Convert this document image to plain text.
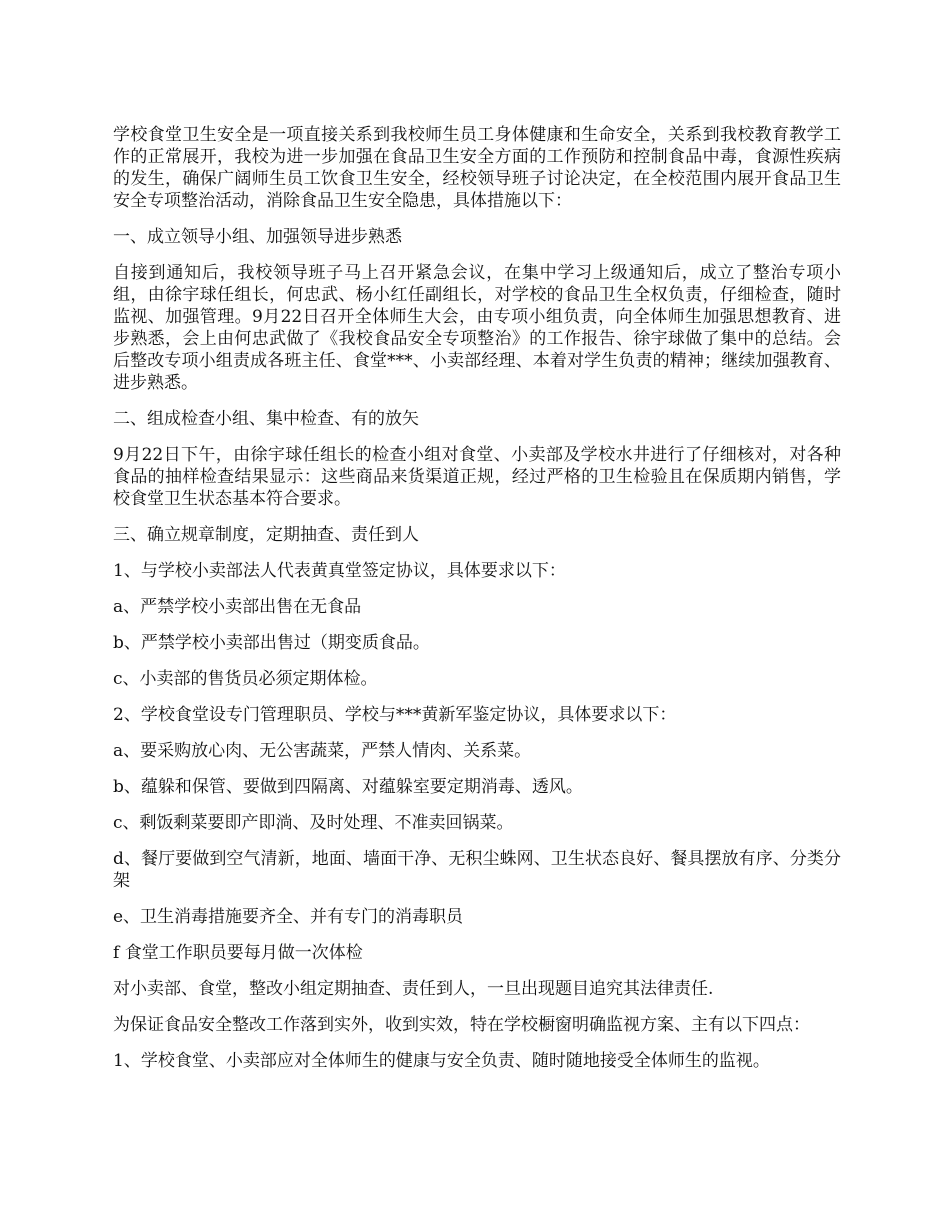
学校食堂卫生安全是一项直接关系到我校师生员工身体健康和生命安全，关系到我校教育教学工作的正常展开，我校为进一步加强在食品卫生安全方面的工作预防和控制食品中毒，食源性疾病的发生，确保广阔师生员工饮食卫生安全，经校领导班子讨论决定，在全校范围内展开食品卫生安全专项整治活动，消除食品卫生安全隐患，具体措施以下：

一、成立领导小组、加强领导进步熟悉

自接到通知后，我校领导班子马上召开紧急会议，在集中学习上级通知后，成立了整治专项小组，由徐宇球任组长，何忠武、杨小红任副组长，对学校的食品卫生全权负责，仔细检查，随时监视、加强管理。9月22日召开全体师生大会，由专项小组负责，向全体师生加强思想教育、进步熟悉，会上由何忠武做了《我校食品安全专项整治》的工作报告、徐宇球做了集中的总结。会后整改专项小组责成各班主任、食堂***、小卖部经理、本着对学生负责的精神；继续加强教育、进步熟悉。

二、组成检查小组、集中检查、有的放矢

9月22日下午，由徐宇球任组长的检查小组对食堂、小卖部及学校水井进行了仔细核对，对各种食品的抽样检查结果显示：这些商品来货渠道正规，经过严格的卫生检验且在保质期内销售，学校食堂卫生状态基本符合要求。

三、确立规章制度，定期抽查、责任到人

1、与学校小卖部法人代表黄真堂签定协议，具体要求以下：

a、严禁学校小卖部出售在无食品

b、严禁学校小卖部出售过（期变质食品。

c、小卖部的售货员必须定期体检。

2、学校食堂设专门管理职员、学校与***黄新军鉴定协议，具体要求以下：

a、要采购放心肉、无公害蔬菜，严禁人情肉、关系菜。

b、蕴躲和保管、要做到四隔离、对蕴躲室要定期消毒、透风。

c、剩饭剩菜要即产即淌、及时处理、不准卖回锅菜。

d、餐厅要做到空气清新，地面、墙面干净、无积尘蛛网、卫生状态良好、餐具摆放有序、分类分架

e、卫生消毒措施要齐全、并有专门的消毒职员

f 食堂工作职员要每月做一次体检

对小卖部、食堂，整改小组定期抽查、责任到人，一旦出现题目追究其法律责任.

为保证食品安全整改工作落到实外，收到实效，特在学校橱窗明确监视方案、主有以下四点：

1、学校食堂、小卖部应对全体师生的健康与安全负责、随时随地接受全体师生的监视。
